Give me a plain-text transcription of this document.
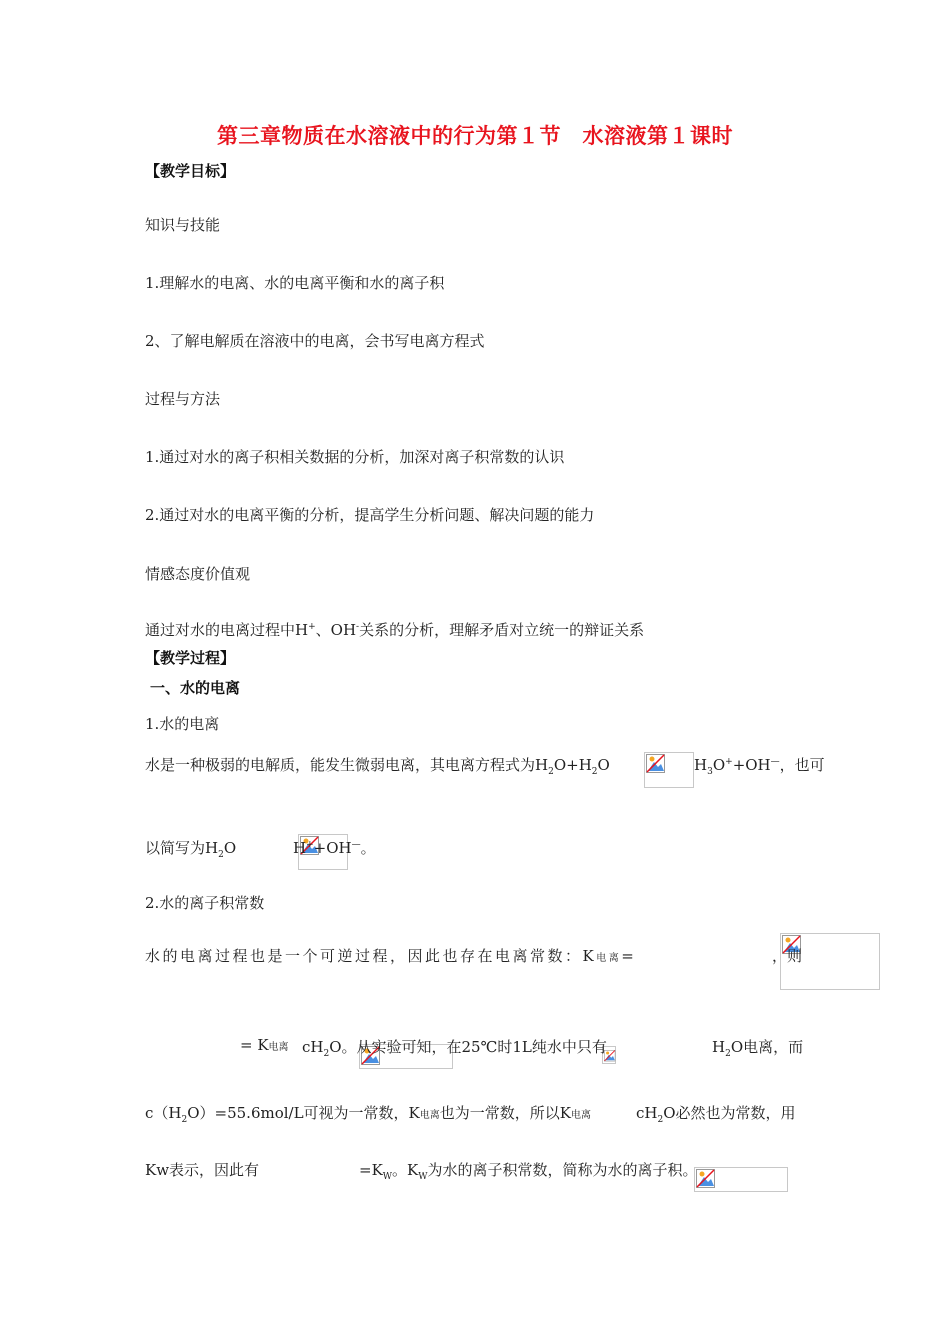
第三章物质在水溶液中的行为第１节　水溶液第１课时
【教学目标】
知识与技能
1.理解水的电离、水的电离平衡和水的离子积
2、了解电解质在溶液中的电离，会书写电离方程式
过程与方法
1.通过对水的离子积相关数据的分析，加深对离子积常数的认识
2.通过对水的电离平衡的分析，提高学生分析问题、解决问题的能力
情感态度价值观
通过对水的电离过程中H+、OH-关系的分析，理解矛盾对立统一的辩证关系
【教学过程】
一、水的电离
1.水的电离
水是一种极弱的电解质，能发生微弱电离，其电离方程式为$H_2O+H_2O$
	$H_3O^++OH^—$，也可
以简写为$H_2O$
	H++OH—。
2.水的离子积常数
水的电离过程也是一个可逆过程，因此也存在电离常数：K电离=
	，则

= K电离
$cH_2O$。从实验可知，在25℃时1L纯水中只有
	$H_2O$电离，而
$c(H_2O)=55.6mol/L$可视为一常数，K电离也为一常数，所以K电离
	$cH_2O$必然也为常数，用
Kw表示，因此有	$=K_W$。$K_W$为水的离子积常数，简称为水的离子积。
